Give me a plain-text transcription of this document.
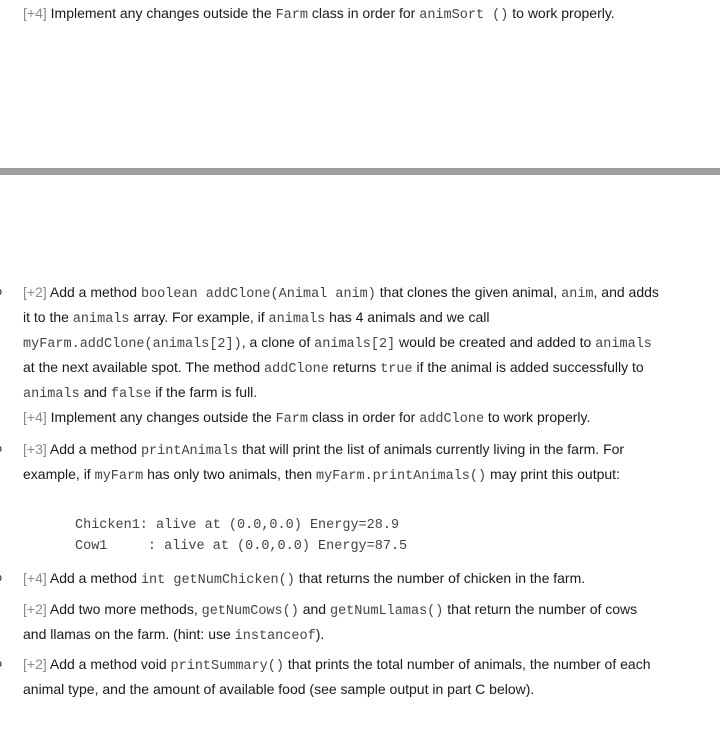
[+4] Implement any changes outside the Farm class in order for animSort () to work properly.

[+2] Add a method boolean addClone(Animal anim) that clones the given animal, anim, and adds it to the animals array. For example, if animals has 4 animals and we call myFarm.addClone(animals[2]), a clone of animals[2] would be created and added to animals at the next available spot. The method addClone returns true if the animal is added successfully to animals and false if the farm is full.

[+4] Implement any changes outside the Farm class in order for addClone to work properly.

[+3] Add a method printAnimals that will print the list of animals currently living in the farm. For example, if myFarm has only two animals, then myFarm.printAnimals() may print this output:

Chicken1: alive at (0.0,0.0) Energy=28.9
Cow1     : alive at (0.0,0.0) Energy=87.5

[+4] Add a method int getNumChicken() that returns the number of chicken in the farm.

[+2] Add two more methods, getNumCows() and getNumLlamas() that return the number of cows and llamas on the farm. (hint: use instanceof).

[+2] Add a method void printSummary() that prints the total number of animals, the number of each animal type, and the amount of available food (see sample output in part C below).
